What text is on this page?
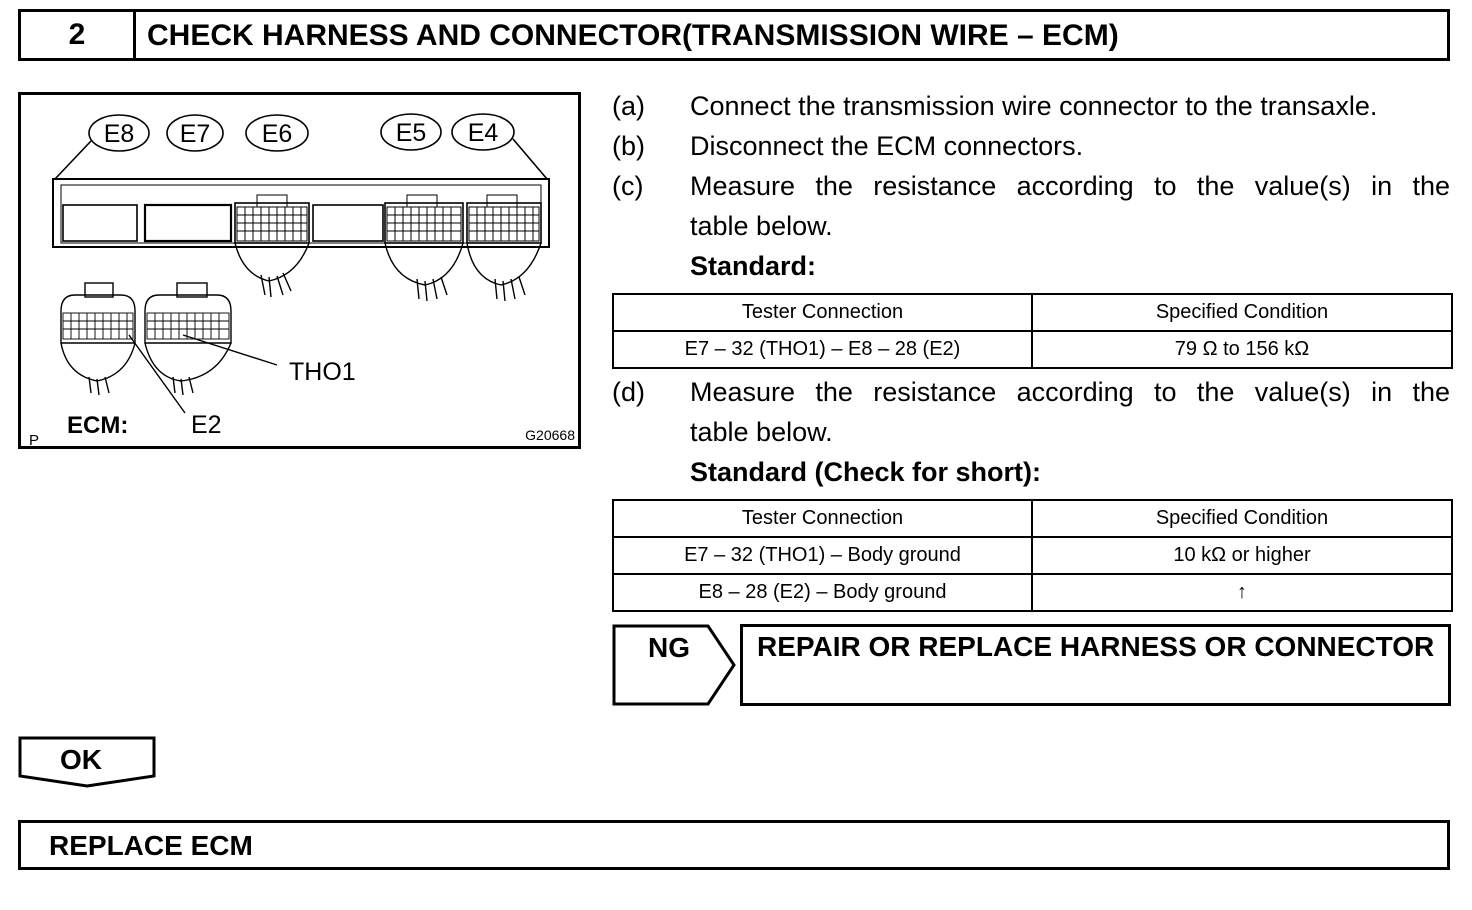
2	CHECK HARNESS AND CONNECTOR(TRANSMISSION WIRE – ECM)
E8 E7 E6	E5 E4
THO1
ECM:	E2
P	G20668
(a) Connect the transmission wire connector to the transaxle.
(b) Disconnect the ECM connectors.
(c) Measure the resistance according to the value(s) in the
table below.
Standard:
Tester Connection	Specified Condition
E7 – 32 (THO1) – E8 – 28 (E2)	79 Ω to 156 kΩ
(d) Measure the resistance according to the value(s) in the
table below.
Standard (Check for short):
Tester Connection	Specified Condition
E7 – 32 (THO1) – Body ground	10 kΩ or higher
E8 – 28 (E2) – Body ground	↑
NG REPAIR OR REPLACE HARNESS OR CONNECTOR
OK
REPLACE ECM
